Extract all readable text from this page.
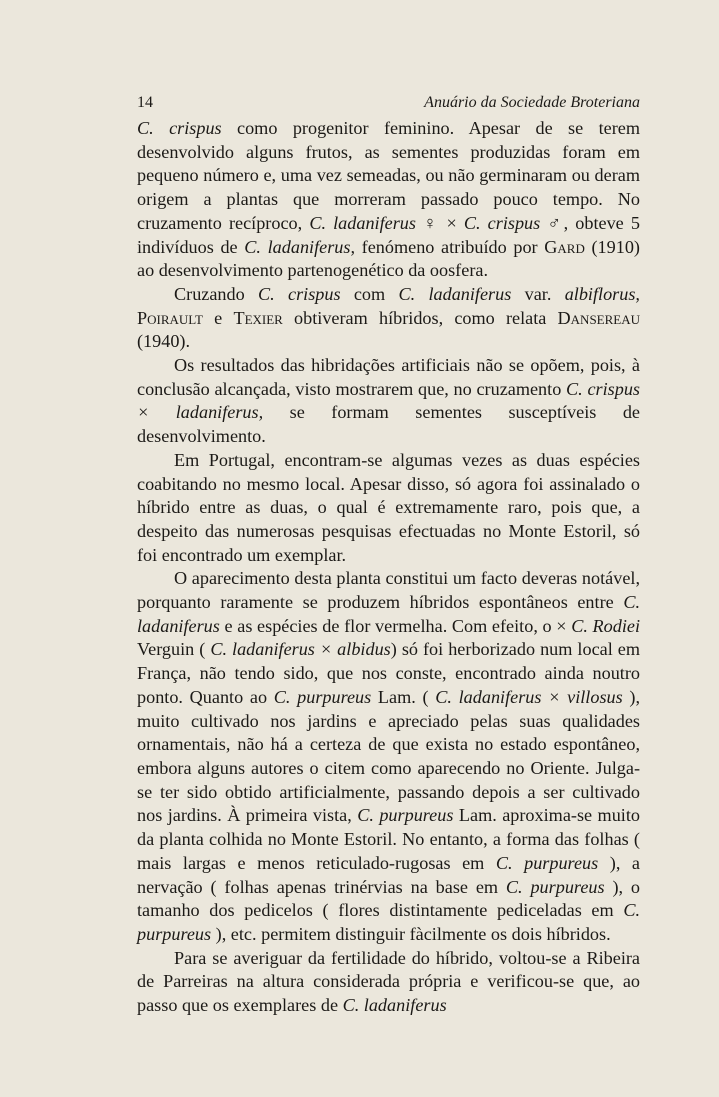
14	Anuário da Sociedade Broteriana

C. crispus como progenitor feminino. Apesar de se terem desenvolvido alguns frutos, as sementes produzidas foram em pequeno número e, uma vez semeadas, ou não germinaram ou deram origem a plantas que morreram passado pouco tempo. No cruzamento recíproco, C. ladaniferus ♀ × C. crispus ♂, obteve 5 indivíduos de C. ladaniferus, fenómeno atribuído por Gard (1910) ao desenvolvimento partenogenético da oosfera.

Cruzando C. crispus com C. ladaniferus var. albiflorus, Poirault e Texier obtiveram híbridos, como relata Dansereau (1940).

Os resultados das hibridações artificiais não se opõem, pois, à conclusão alcançada, visto mostrarem que, no cruzamento C. crispus × ladaniferus, se formam sementes susceptíveis de desenvolvimento.

Em Portugal, encontram-se algumas vezes as duas espécies coabitando no mesmo local. Apesar disso, só agora foi assinalado o híbrido entre as duas, o qual é extremamente raro, pois que, a despeito das numerosas pesquisas efectuadas no Monte Estoril, só foi encontrado um exemplar.

O aparecimento desta planta constitui um facto deveras notável, porquanto raramente se produzem híbridos espontâneos entre C. ladaniferus e as espécies de flor vermelha. Com efeito, o × C. Rodiei Verguin ( C. ladaniferus × albidus) só foi herborizado num local em França, não tendo sido, que nos conste, encontrado ainda noutro ponto. Quanto ao C. purpureus Lam. ( C. ladaniferus × villosus ), muito cultivado nos jardins e apreciado pelas suas qualidades ornamentais, não há a certeza de que exista no estado espontâneo, embora alguns autores o citem como aparecendo no Oriente. Julga-se ter sido obtido artificialmente, passando depois a ser cultivado nos jardins. À primeira vista, C. purpureus Lam. aproxima-se muito da planta colhida no Monte Estoril. No entanto, a forma das folhas ( mais largas e menos reticulado-rugosas em C. purpureus ), a nervação ( folhas apenas trinérvias na base em C. purpureus ), o tamanho dos pedicelos ( flores distintamente pediceladas em C. purpureus ), etc. permitem distinguir fàcilmente os dois híbridos.

Para se averiguar da fertilidade do híbrido, voltou-se a Ribeira de Parreiras na altura considerada própria e verificou-se que, ao passo que os exemplares de C. ladaniferus
